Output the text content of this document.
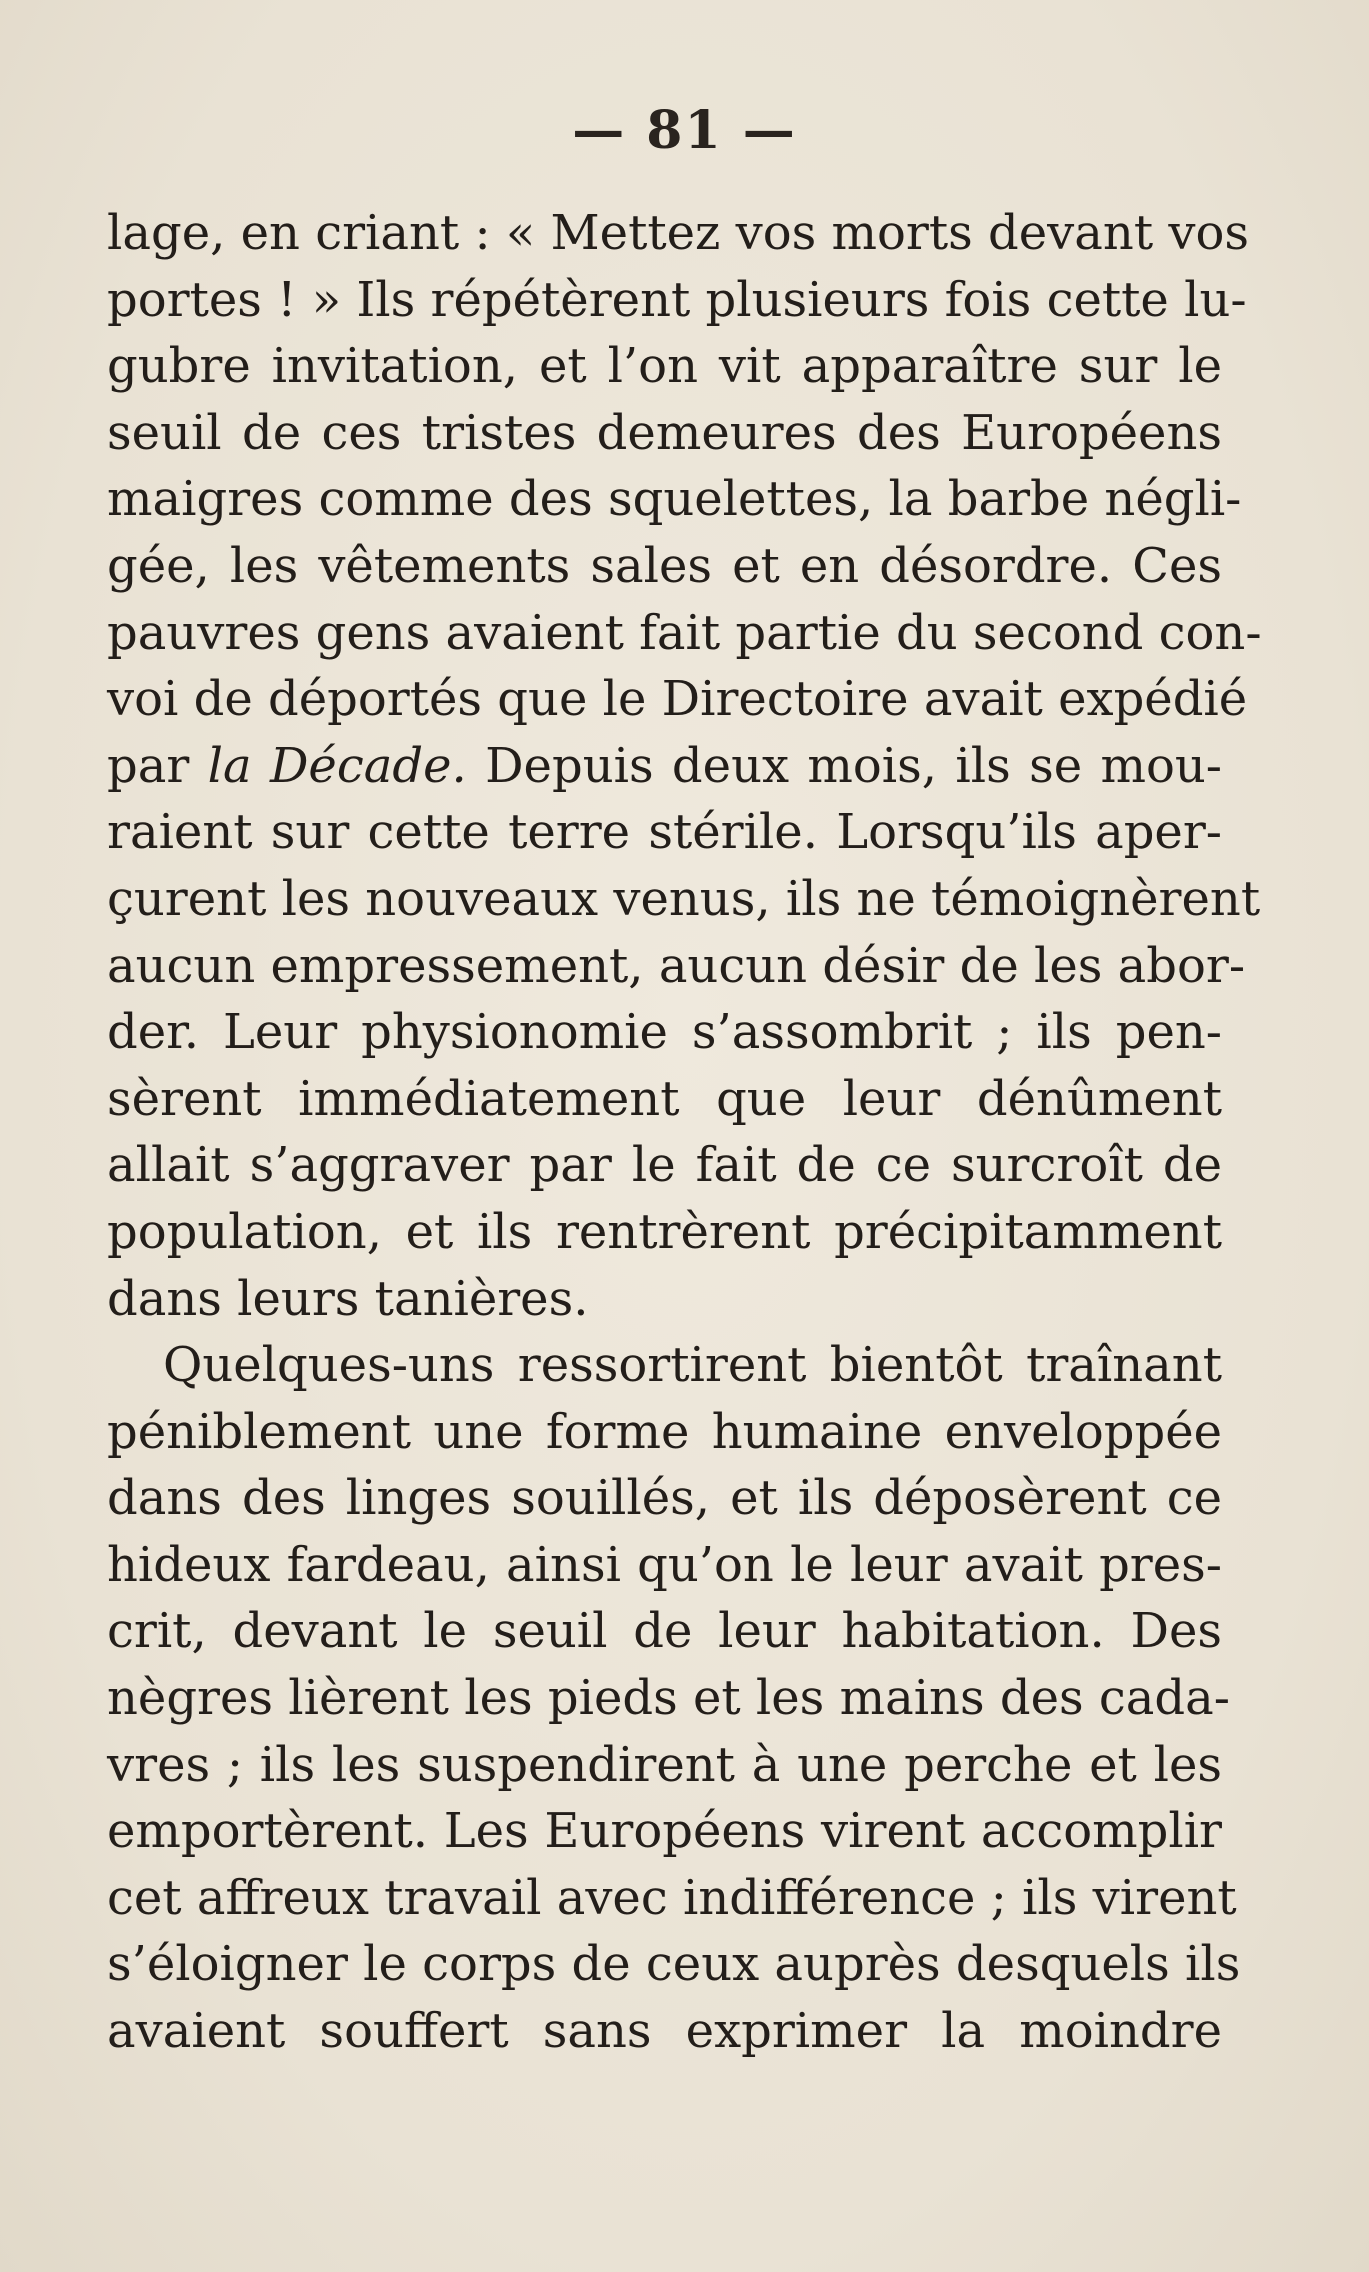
— 81 —
lage, en criant : « Mettez vos morts devant vos
portes ! » Ils répétèrent plusieurs fois cette lu-
gubre invitation, et l’on vit apparaître sur le
seuil de ces tristes demeures des Européens
maigres comme des squelettes, la barbe négli-
gée, les vêtements sales et en désordre. Ces
pauvres gens avaient fait partie du second con-
voi de déportés que le Directoire avait expédié
par la Décade. Depuis deux mois, ils se mou-
raient sur cette terre stérile. Lorsqu’ils aper-
çurent les nouveaux venus, ils ne témoignèrent
aucun empressement, aucun désir de les abor-
der. Leur physionomie s’assombrit ; ils pen-
sèrent immédiatement que leur dénûment
allait s’aggraver par le fait de ce surcroît de
population, et ils rentrèrent précipitamment
dans leurs tanières.
Quelques-uns ressortirent bientôt traînant
péniblement une forme humaine enveloppée
dans des linges souillés, et ils déposèrent ce
hideux fardeau, ainsi qu’on le leur avait pres-
crit, devant le seuil de leur habitation. Des
nègres lièrent les pieds et les mains des cada-
vres ; ils les suspendirent à une perche et les
emportèrent. Les Européens virent accomplir
cet affreux travail avec indifférence ; ils virent
s’éloigner le corps de ceux auprès desquels ils
avaient souffert sans exprimer la moindre
